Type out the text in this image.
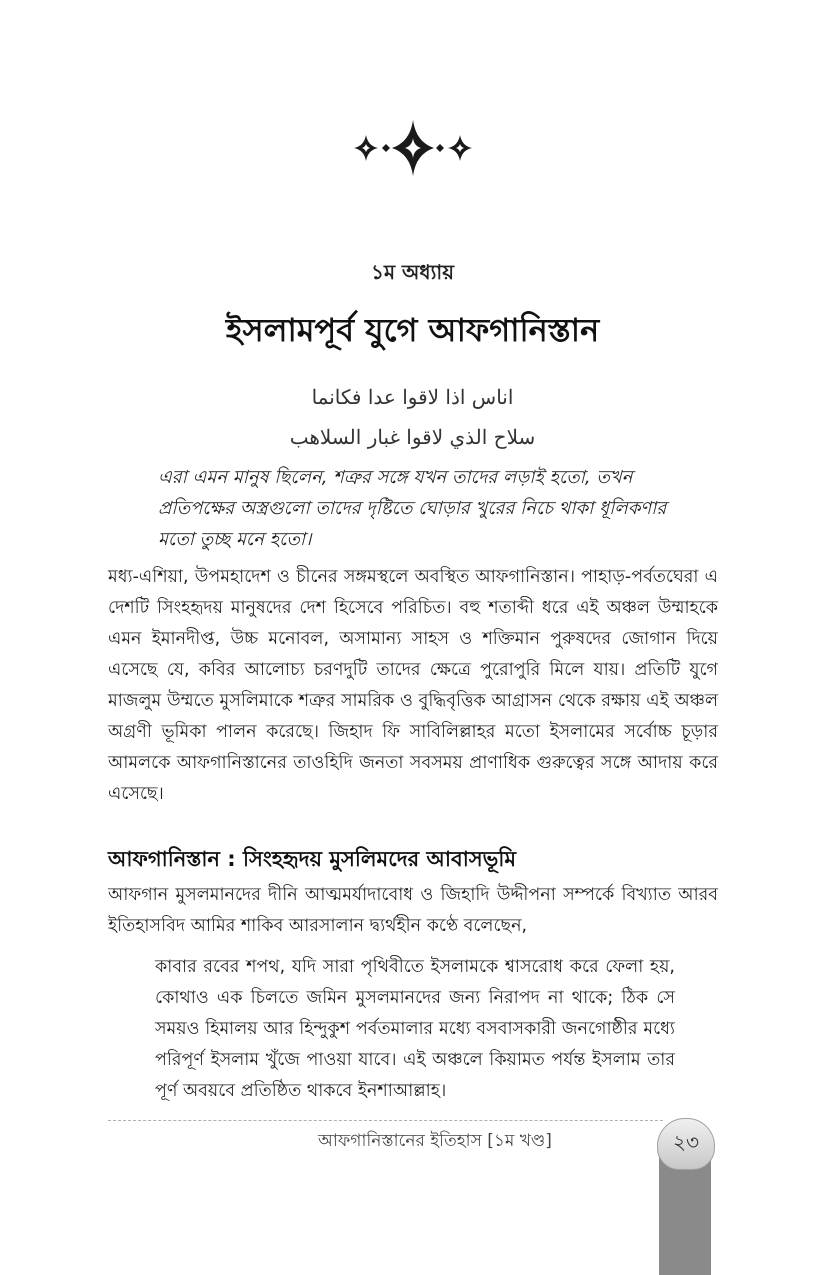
১ম অধ্যায়
ইসলামপূর্ব যুগে আফগানিস্তান
اناس اذا لاقوا عدا فكانما
سلاح الذي لاقوا غبار السلاهب
এরা এমন মানুষ ছিলেন, শত্রুর সঙ্গে যখন তাদের লড়াই হতো, তখন প্রতিপক্ষের অস্ত্রগুলো তাদের দৃষ্টিতে ঘোড়ার খুরের নিচে থাকা ধূলিকণার মতো তুচ্ছ মনে হতো।
মধ্য-এশিয়া, উপমহাদেশ ও চীনের সঙ্গমস্থলে অবস্থিত আফগানিস্তান। পাহাড়-পর্বতঘেরা এ দেশটি সিংহহৃদয় মানুষদের দেশ হিসেবে পরিচিত। বহু শতাব্দী ধরে এই অঞ্চল উম্মাহকে এমন ইমানদীপ্ত, উচ্চ মনোবল, অসামান্য সাহস ও শক্তিমান পুরুষদের জোগান দিয়ে এসেছে যে, কবির আলোচ্য চরণদুটি তাদের ক্ষেত্রে পুরোপুরি মিলে যায়। প্রতিটি যুগে মাজলুম উম্মতে মুসলিমাকে শত্রুর সামরিক ও বুদ্ধিবৃত্তিক আগ্রাসন থেকে রক্ষায় এই অঞ্চল অগ্রণী ভূমিকা পালন করেছে। জিহাদ ফি সাবিলিল্লাহর মতো ইসলামের সর্বোচ্চ চূড়ার আমলকে আফগানিস্তানের তাওহিদি জনতা সবসময় প্রাণাধিক গুরুত্বের সঙ্গে আদায় করে এসেছে।
আফগানিস্তান : সিংহহৃদয় মুসলিমদের আবাসভূমি
আফগান মুসলমানদের দীনি আত্মমর্যাদাবোধ ও জিহাদি উদ্দীপনা সম্পর্কে বিখ্যাত আরব ইতিহাসবিদ আমির শাকিব আরসালান দ্ব্যর্থহীন কণ্ঠে বলেছেন,
কাবার রবের শপথ, যদি সারা পৃথিবীতে ইসলামকে শ্বাসরোধ করে ফেলা হয়, কোথাও এক চিলতে জমিন মুসলমানদের জন্য নিরাপদ না থাকে; ঠিক সে সময়ও হিমালয় আর হিন্দুকুশ পর্বতমালার মধ্যে বসবাসকারী জনগোষ্ঠীর মধ্যে পরিপূর্ণ ইসলাম খুঁজে পাওয়া যাবে। এই অঞ্চলে কিয়ামত পর্যন্ত ইসলাম তার পূর্ণ অবয়বে প্রতিষ্ঠিত থাকবে ইনশাআল্লাহ।
আফগানিস্তানের ইতিহাস [১ম খণ্ড]	২৩
